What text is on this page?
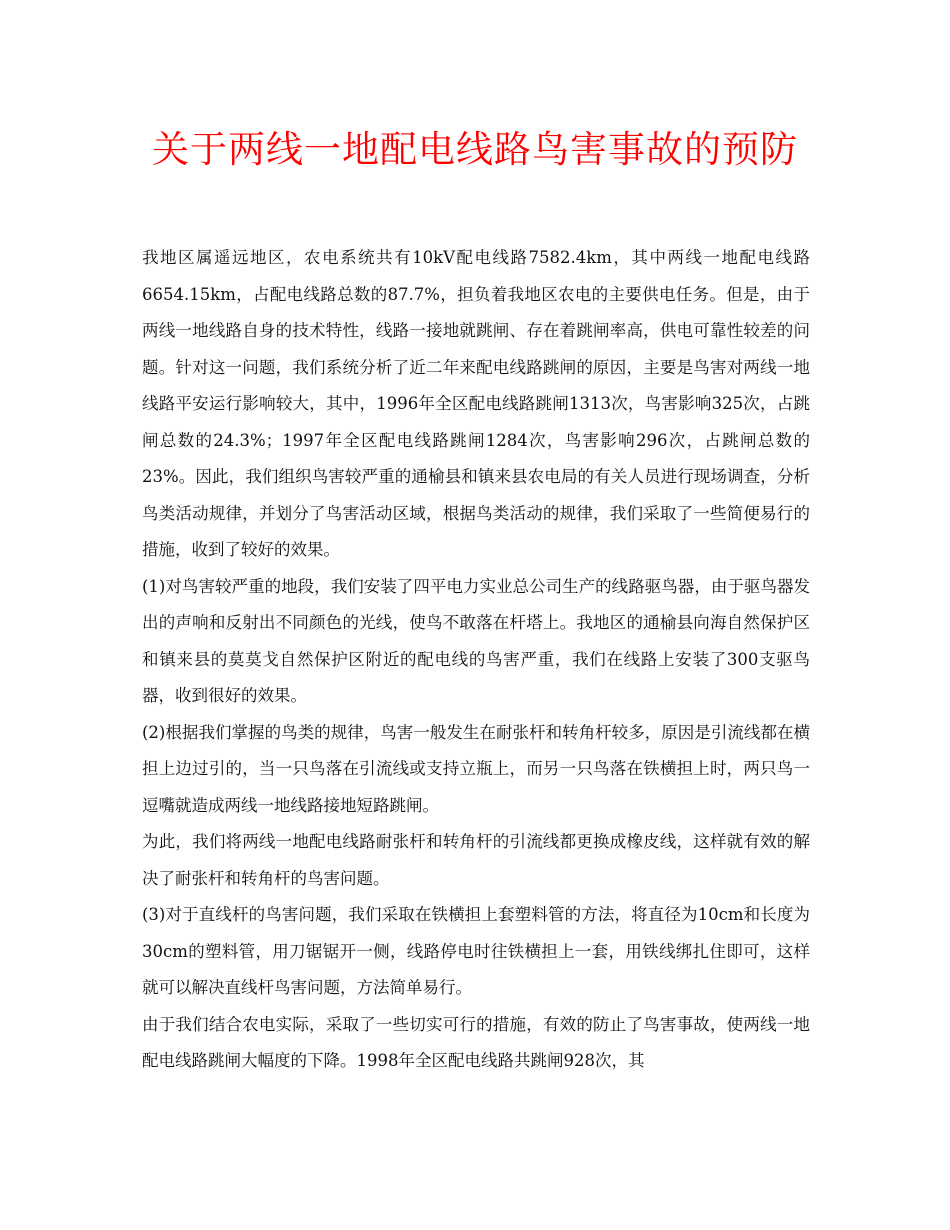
关于两线一地配电线路鸟害事故的预防

我地区属遥远地区，农电系统共有10kV配电线路7582.4km，其中两线一地配电线路6654.15km，占配电线路总数的87.7%，担负着我地区农电的主要供电任务。但是，由于两线一地线路自身的技术特性，线路一接地就跳闸、存在着跳闸率高，供电可靠性较差的问题。针对这一问题，我们系统分析了近二年来配电线路跳闸的原因，主要是鸟害对两线一地线路平安运行影响较大，其中，1996年全区配电线路跳闸1313次，鸟害影响325次，占跳闸总数的24.3%；1997年全区配电线路跳闸1284次，鸟害影响296次，占跳闸总数的23%。因此，我们组织鸟害较严重的通榆县和镇来县农电局的有关人员进行现场调查，分析鸟类活动规律，并划分了鸟害活动区域，根据鸟类活动的规律，我们采取了一些简便易行的措施，收到了较好的效果。

(1)对鸟害较严重的地段，我们安装了四平电力实业总公司生产的线路驱鸟器，由于驱鸟器发出的声响和反射出不同颜色的光线，使鸟不敢落在杆塔上。我地区的通榆县向海自然保护区和镇来县的莫莫戈自然保护区附近的配电线的鸟害严重，我们在线路上安装了300支驱鸟器，收到很好的效果。

(2)根据我们掌握的鸟类的规律，鸟害一般发生在耐张杆和转角杆较多，原因是引流线都在横担上边过引的，当一只鸟落在引流线或支持立瓶上，而另一只鸟落在铁横担上时，两只鸟一逗嘴就造成两线一地线路接地短路跳闸。

为此，我们将两线一地配电线路耐张杆和转角杆的引流线都更换成橡皮线，这样就有效的解决了耐张杆和转角杆的鸟害问题。

(3)对于直线杆的鸟害问题，我们采取在铁横担上套塑料管的方法，将直径为10cm和长度为30cm的塑料管，用刀锯锯开一侧，线路停电时往铁横担上一套，用铁线绑扎住即可，这样就可以解决直线杆鸟害问题，方法简单易行。

由于我们结合农电实际，采取了一些切实可行的措施，有效的防止了鸟害事故，使两线一地配电线路跳闸大幅度的下降。1998年全区配电线路共跳闸928次，其
